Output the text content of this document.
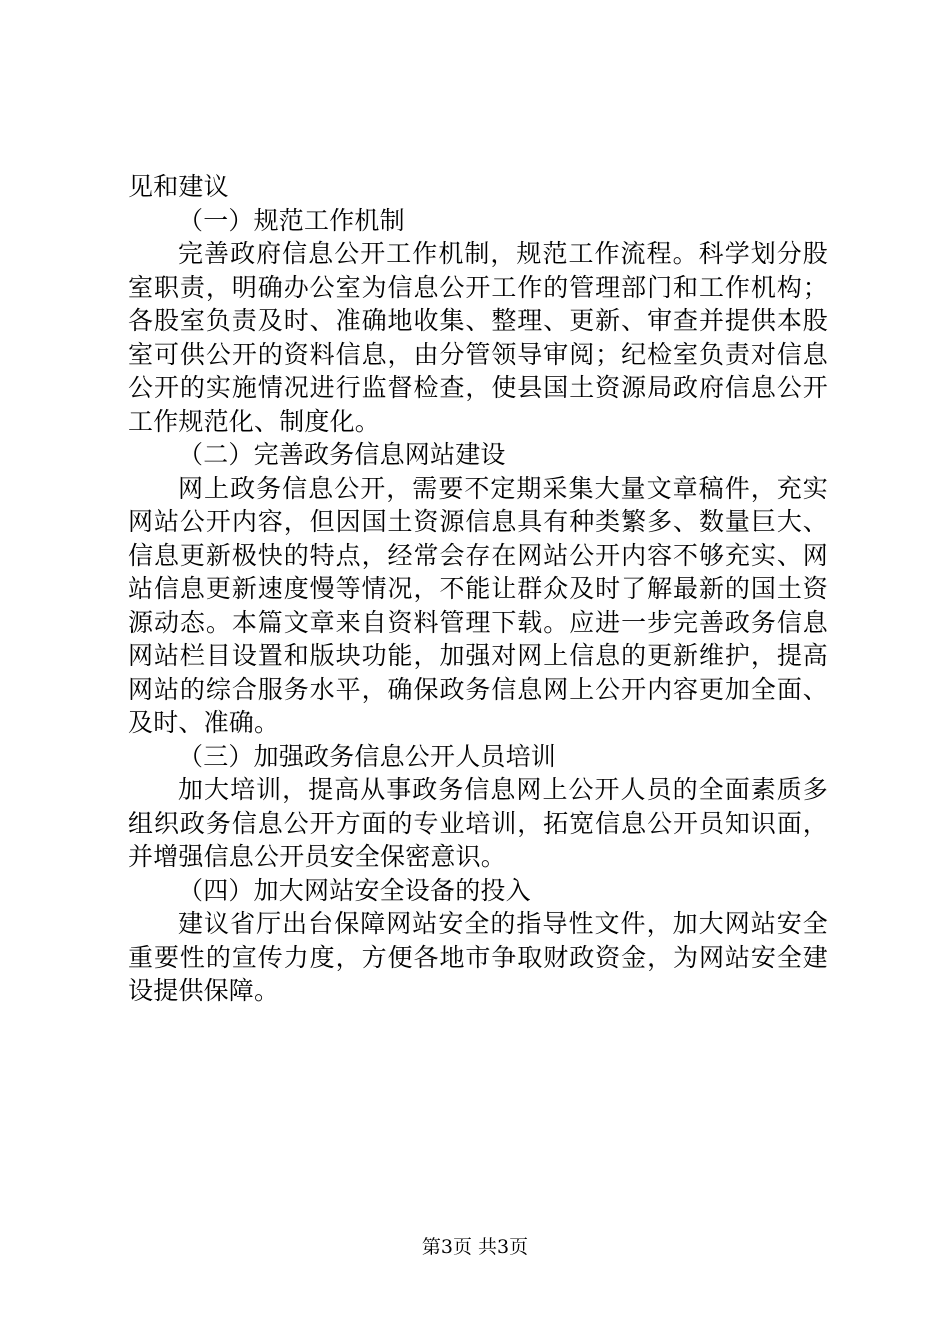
见和建议

（一）规范工作机制

完善政府信息公开工作机制，规范工作流程。科学划分股室职责，明确办公室为信息公开工作的管理部门和工作机构；各股室负责及时、准确地收集、整理、更新、审查并提供本股室可供公开的资料信息，由分管领导审阅；纪检室负责对信息公开的实施情况进行监督检查，使县国土资源局政府信息公开工作规范化、制度化。

（二）完善政务信息网站建设

网上政务信息公开，需要不定期采集大量文章稿件，充实网站公开内容，但因国土资源信息具有种类繁多、数量巨大、信息更新极快的特点，经常会存在网站公开内容不够充实、网站信息更新速度慢等情况，不能让群众及时了解最新的国土资源动态。本篇文章来自资料管理下载。应进一步完善政务信息网站栏目设置和版块功能，加强对网上信息的更新维护，提高网站的综合服务水平，确保政务信息网上公开内容更加全面、及时、准确。

（三）加强政务信息公开人员培训

加大培训，提高从事政务信息网上公开人员的全面素质多组织政务信息公开方面的专业培训，拓宽信息公开员知识面，并增强信息公开员安全保密意识。

（四）加大网站安全设备的投入

建议省厅出台保障网站安全的指导性文件，加大网站安全重要性的宣传力度，方便各地市争取财政资金，为网站安全建设提供保障。

第3页 共3页
